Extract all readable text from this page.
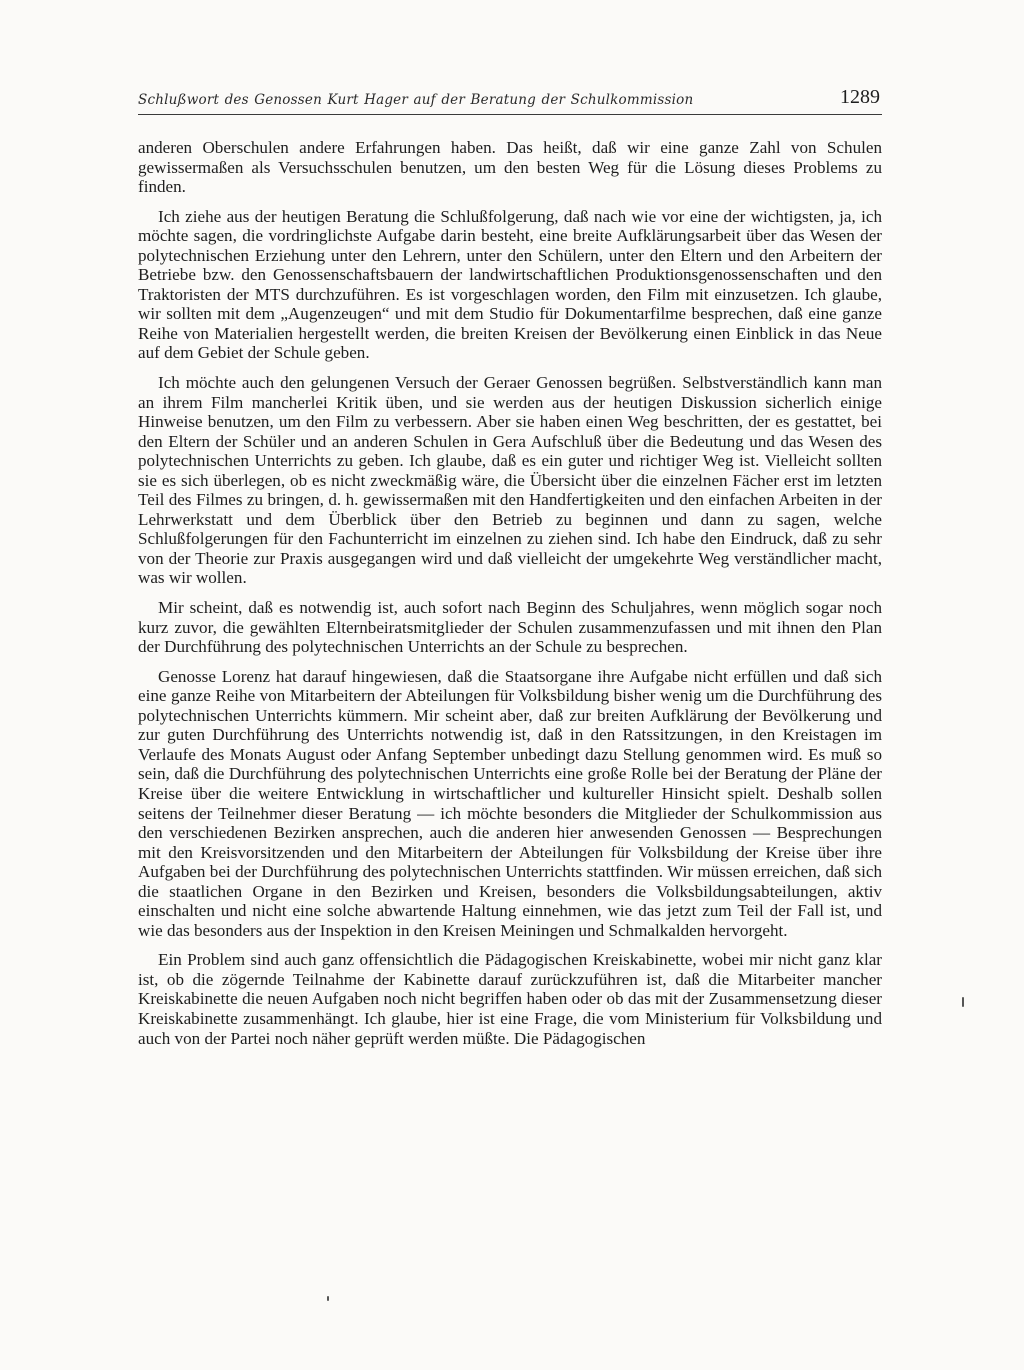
Schlußwort des Genossen Kurt Hager auf der Beratung der Schulkommission	1289

anderen Oberschulen andere Erfahrungen haben. Das heißt, daß wir eine ganze Zahl von Schulen gewissermaßen als Versuchsschulen benutzen, um den besten Weg für die Lösung dieses Problems zu finden.

Ich ziehe aus der heutigen Beratung die Schlußfolgerung, daß nach wie vor eine der wichtigsten, ja, ich möchte sagen, die vordringlichste Aufgabe darin besteht, eine breite Aufklärungsarbeit über das Wesen der polytechnischen Erziehung unter den Lehrern, unter den Schülern, unter den Eltern und den Arbeitern der Betriebe bzw. den Genossenschaftsbauern der landwirtschaftlichen Produktionsgenossenschaften und den Traktoristen der MTS durchzuführen. Es ist vorgeschlagen worden, den Film mit einzusetzen. Ich glaube, wir sollten mit dem „Augenzeugen“ und mit dem Studio für Dokumentarfilme besprechen, daß eine ganze Reihe von Materialien hergestellt werden, die breiten Kreisen der Bevölkerung einen Einblick in das Neue auf dem Gebiet der Schule geben.

Ich möchte auch den gelungenen Versuch der Geraer Genossen begrüßen. Selbstverständlich kann man an ihrem Film mancherlei Kritik üben, und sie werden aus der heutigen Diskussion sicherlich einige Hinweise benutzen, um den Film zu verbessern. Aber sie haben einen Weg beschritten, der es gestattet, bei den Eltern der Schüler und an anderen Schulen in Gera Aufschluß über die Bedeutung und das Wesen des polytechnischen Unterrichts zu geben. Ich glaube, daß es ein guter und richtiger Weg ist. Vielleicht sollten sie es sich überlegen, ob es nicht zweckmäßig wäre, die Übersicht über die einzelnen Fächer erst im letzten Teil des Filmes zu bringen, d. h. gewissermaßen mit den Handfertigkeiten und den einfachen Arbeiten in der Lehrwerkstatt und dem Überblick über den Betrieb zu beginnen und dann zu sagen, welche Schlußfolgerungen für den Fachunterricht im einzelnen zu ziehen sind. Ich habe den Eindruck, daß zu sehr von der Theorie zur Praxis ausgegangen wird und daß vielleicht der umgekehrte Weg verständlicher macht, was wir wollen.

Mir scheint, daß es notwendig ist, auch sofort nach Beginn des Schuljahres, wenn möglich sogar noch kurz zuvor, die gewählten Elternbeiratsmitglieder der Schulen zusammenzufassen und mit ihnen den Plan der Durchführung des polytechnischen Unterrichts an der Schule zu besprechen.

Genosse Lorenz hat darauf hingewiesen, daß die Staatsorgane ihre Aufgabe nicht erfüllen und daß sich eine ganze Reihe von Mitarbeitern der Abteilungen für Volksbildung bisher wenig um die Durchführung des polytechnischen Unterrichts kümmern. Mir scheint aber, daß zur breiten Aufklärung der Bevölkerung und zur guten Durchführung des Unterrichts notwendig ist, daß in den Ratssitzungen, in den Kreistagen im Verlaufe des Monats August oder Anfang September unbedingt dazu Stellung genommen wird. Es muß so sein, daß die Durchführung des polytechnischen Unterrichts eine große Rolle bei der Beratung der Pläne der Kreise über die weitere Entwicklung in wirtschaftlicher und kultureller Hinsicht spielt. Deshalb sollen seitens der Teilnehmer dieser Beratung — ich möchte besonders die Mitglieder der Schulkommission aus den verschiedenen Bezirken ansprechen, auch die anderen hier anwesenden Genossen — Besprechungen mit den Kreisvorsitzenden und den Mitarbeitern der Abteilungen für Volksbildung der Kreise über ihre Aufgaben bei der Durchführung des polytechnischen Unterrichts stattfinden. Wir müssen erreichen, daß sich die staatlichen Organe in den Bezirken und Kreisen, besonders die Volksbildungsabteilungen, aktiv einschalten und nicht eine solche abwartende Haltung einnehmen, wie das jetzt zum Teil der Fall ist, und wie das besonders aus der Inspektion in den Kreisen Meiningen und Schmalkalden hervorgeht.

Ein Problem sind auch ganz offensichtlich die Pädagogischen Kreiskabinette, wobei mir nicht ganz klar ist, ob die zögernde Teilnahme der Kabinette darauf zurückzuführen ist, daß die Mitarbeiter mancher Kreiskabinette die neuen Aufgaben noch nicht begriffen haben oder ob das mit der Zusammensetzung dieser Kreiskabinette zusammenhängt. Ich glaube, hier ist eine Frage, die vom Ministerium für Volksbildung und auch von der Partei noch näher geprüft werden müßte. Die Pädagogischen
